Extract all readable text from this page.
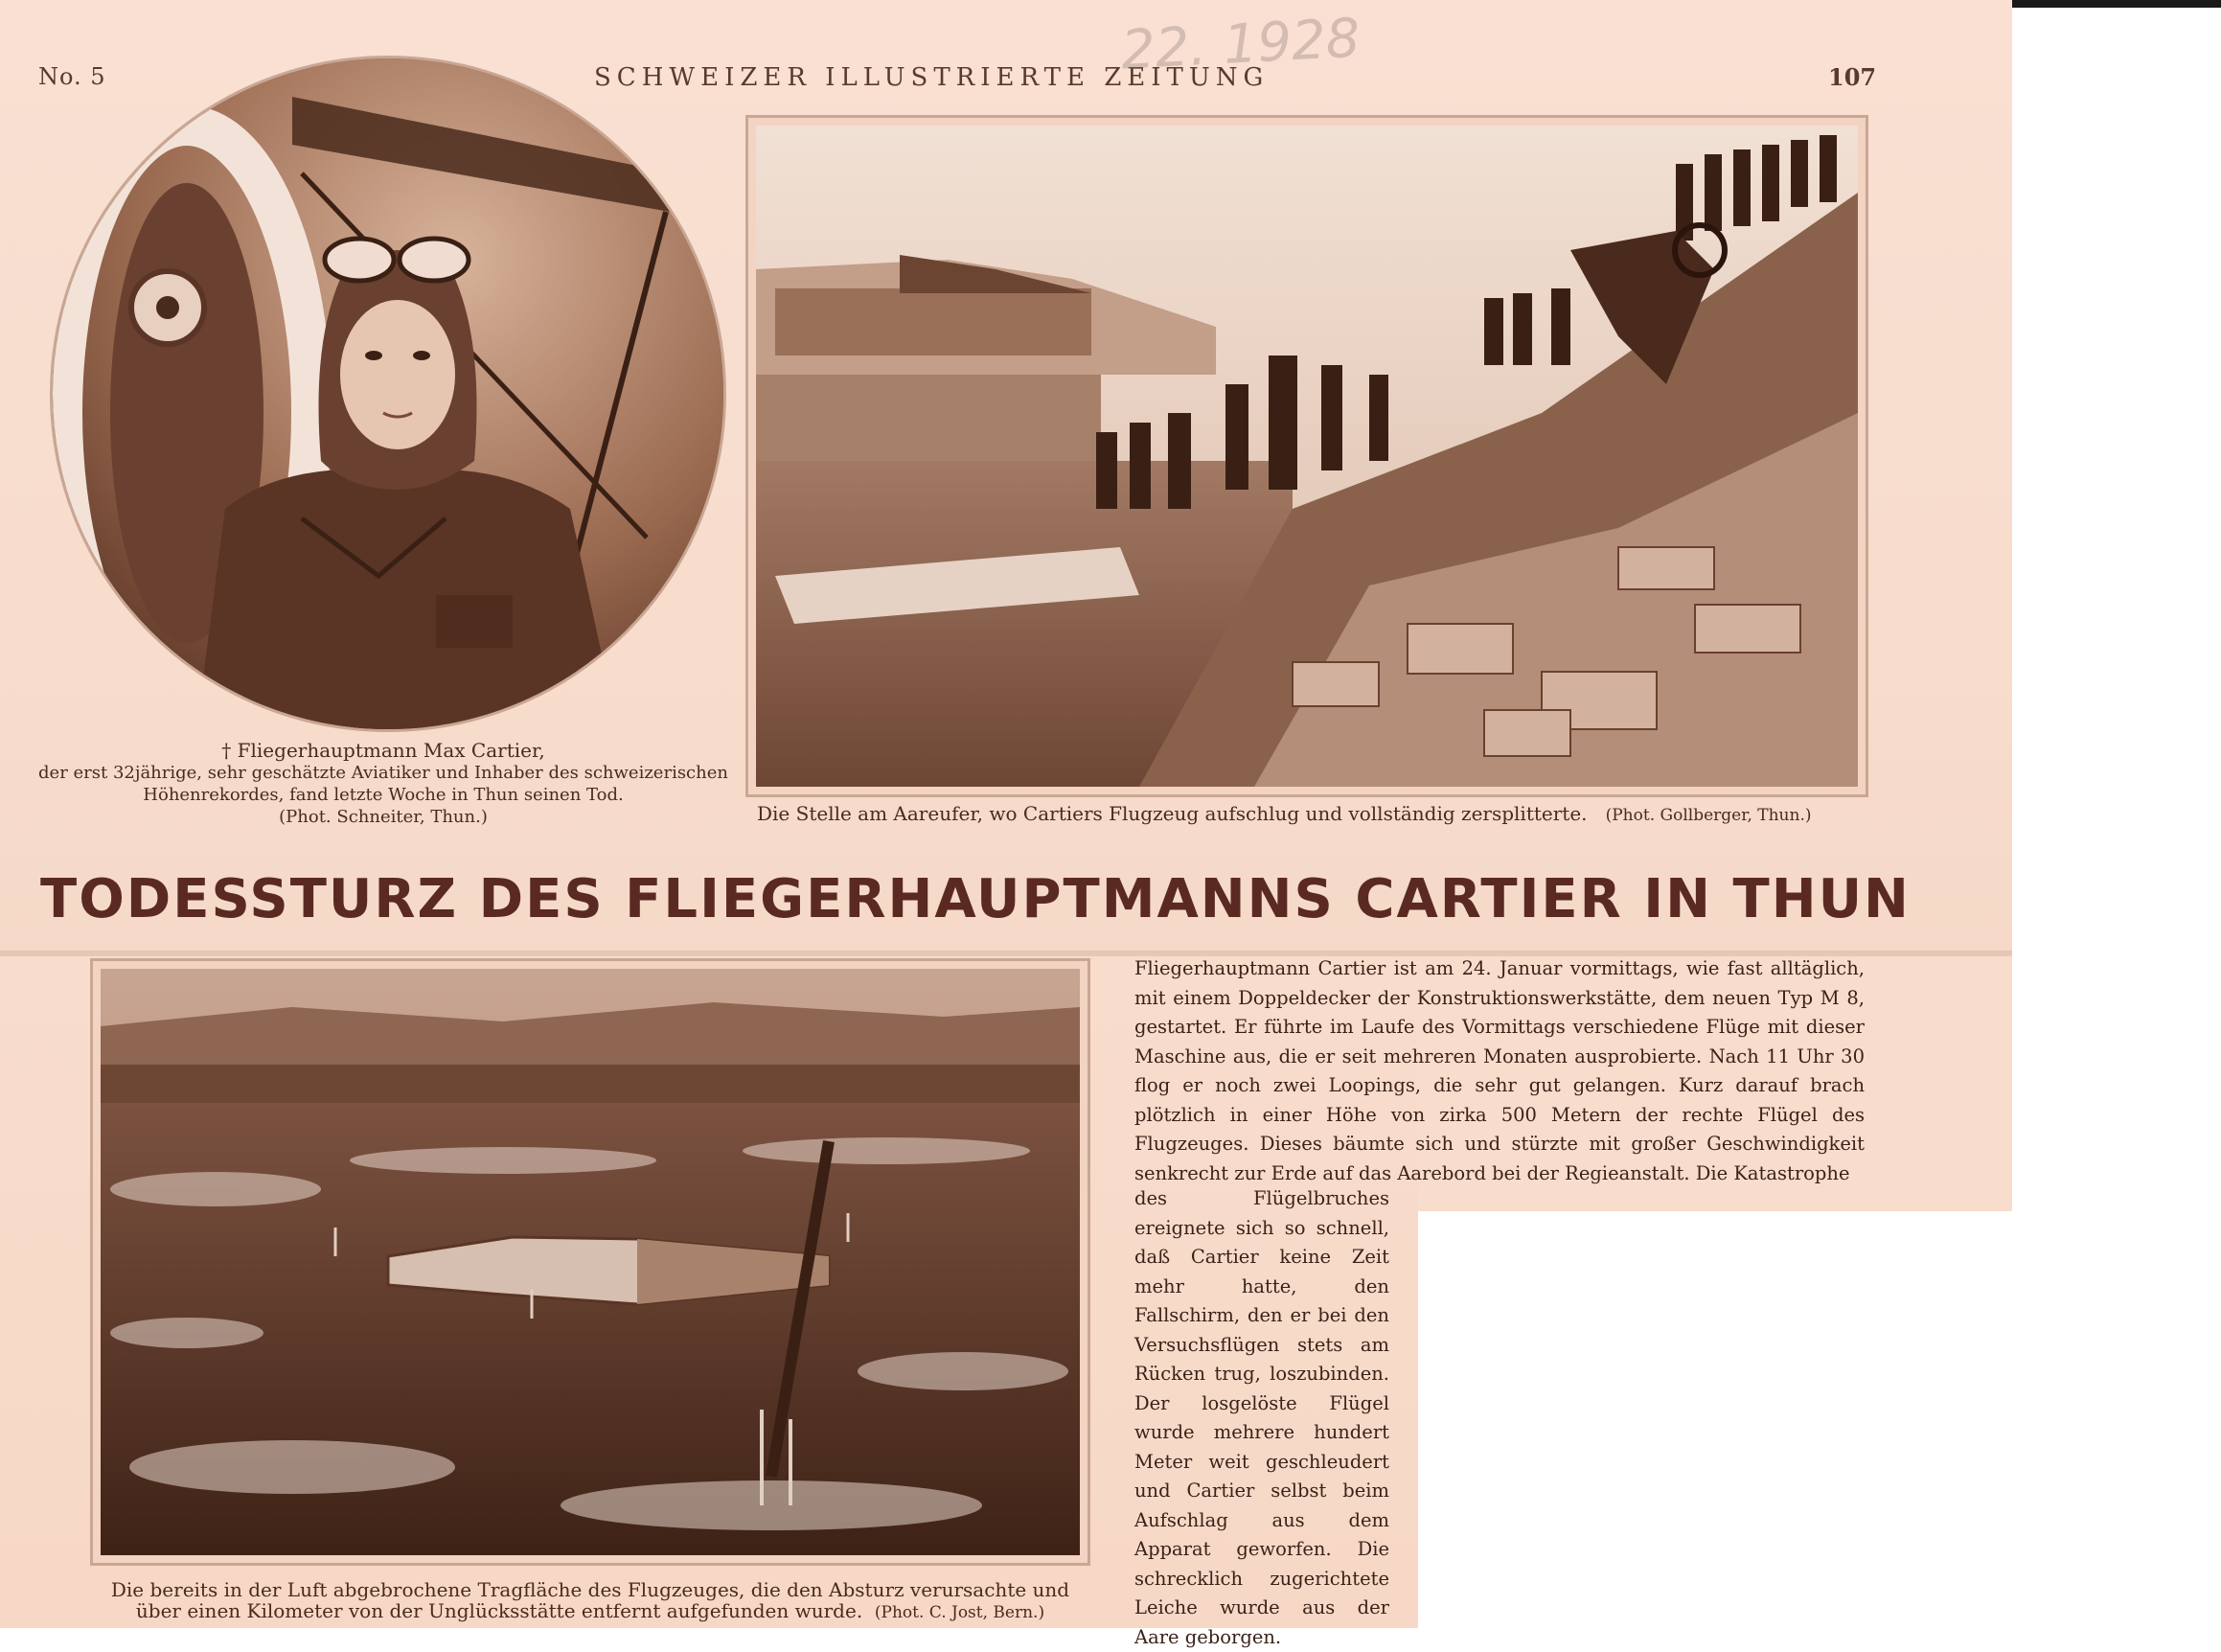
No. 5	SCHWEIZER ILLUSTRIERTE ZEITUNG	107
22. 1928
† Fliegerhauptmann Max Cartier,
der erst 32jährige, sehr geschätzte Aviatiker und Inhaber des schweizerischen Höhenrekordes, fand letzte Woche in Thun seinen Tod.
(Phot. Schneiter, Thun.)	Die Stelle am Aareufer, wo Cartiers Flugzeug aufschlug und vollständig zersplitterte. (Phot. Gollberger, Thun.)
TODESSTURZ DES FLIEGERHAUPTMANNS CARTIER IN THUN
Die bereits in der Luft abgebrochene Tragfläche des Flugzeuges, die den Absturz verursachte und über einen Kilometer von der Unglücksstätte entfernt aufgefunden wurde. (Phot. C. Jost, Bern.)

Fliegerhauptmann Cartier ist am 24. Januar vormittags, wie fast alltäglich, mit einem Doppeldecker der Konstruktionswerkstätte, dem neuen Typ M 8, gestartet. Er führte im Laufe des Vormittags verschiedene Flüge mit dieser Maschine aus, die er seit mehreren Monaten ausprobierte. Nach 11 Uhr 30 flog er noch zwei Loopings, die sehr gut gelangen. Kurz darauf brach plötzlich in einer Höhe von zirka 500 Metern der rechte Flügel des Flugzeuges. Dieses bäumte sich und stürzte mit großer Geschwindigkeit senkrecht zur Erde auf das Aarebord bei der Regieanstalt. Die Katastrophe

des Flügelbruches ereignete sich so schnell, daß Cartier keine Zeit mehr hatte, den Fallschirm, den er bei den Versuchsflügen stets am Rücken trug, loszubinden. Der losgelöste Flügel wurde mehrere hundert Meter weit geschleudert und Cartier selbst beim Aufschlag aus dem Apparat geworfen. Die schrecklich zugerichtete Leiche wurde aus der Aare geborgen.
